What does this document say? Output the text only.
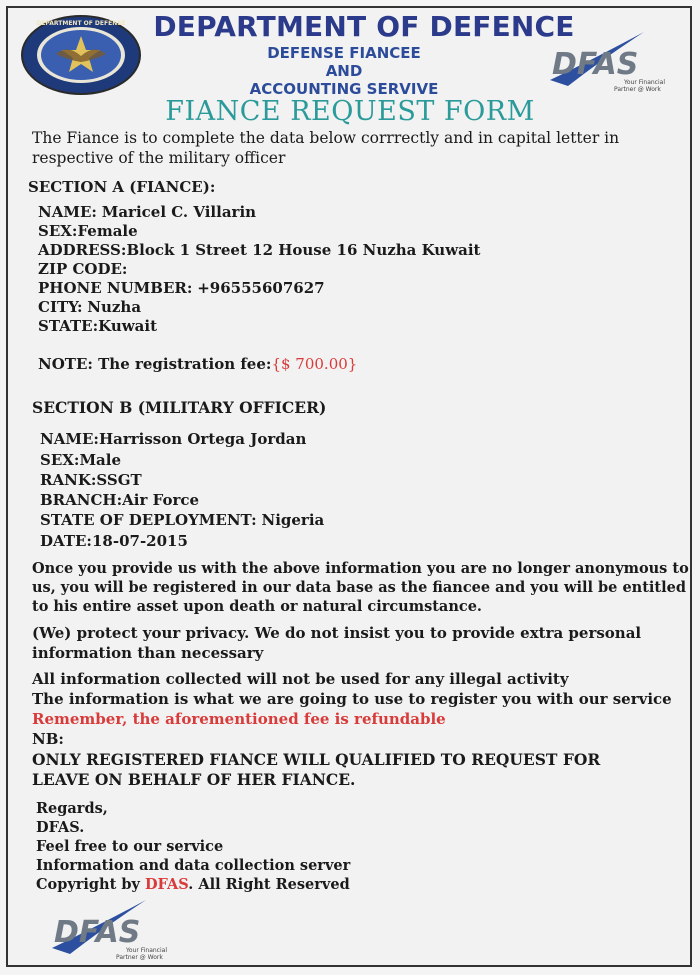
DEPARTMENT OF DEFENSE
DFAS
Your Financial
Partner @ Work
DEPARTMENT OF DEFENCE
DEFENSE FIANCEE
AND
ACCOUNTING SERVIVE
FIANCE REQUEST FORM
The Fiance is to complete the data below corrrectly and in capital letter in respective of the military officer
SECTION A (FIANCE):
NAME: Maricel C. Villarin
SEX:Female
ADDRESS:Block 1 Street 12 House 16 Nuzha Kuwait
ZIP CODE:
PHONE NUMBER: +96555607627
CITY: Nuzha
STATE:Kuwait
NOTE: The registration fee:{$ 700.00}
SECTION B (MILITARY OFFICER)
NAME:Harrisson Ortega Jordan
SEX:Male
RANK:SSGT
BRANCH:Air Force
STATE OF DEPLOYMENT: Nigeria
DATE:18-07-2015
Once you provide us with the above information you are no longer anonymous to
us, you will be registered in our data base as the fiancee and you will be entitled
to his entire asset upon death or natural circumstance.
(We) protect your privacy. We do not insist you to provide extra personal
information than necessary
All information collected will not be used for any illegal activity
The information is what we are going to use to register you with our service
Remember, the aforementioned fee is refundable
NB:
ONLY REGISTERED FIANCE WILL QUALIFIED TO REQUEST FOR
LEAVE ON BEHALF OF HER FIANCE.
Regards,
DFAS.
Feel free to our service
Information and data collection server
Copyright by DFAS. All Right Reserved
DFAS
Your Financial
Partner @ Work
